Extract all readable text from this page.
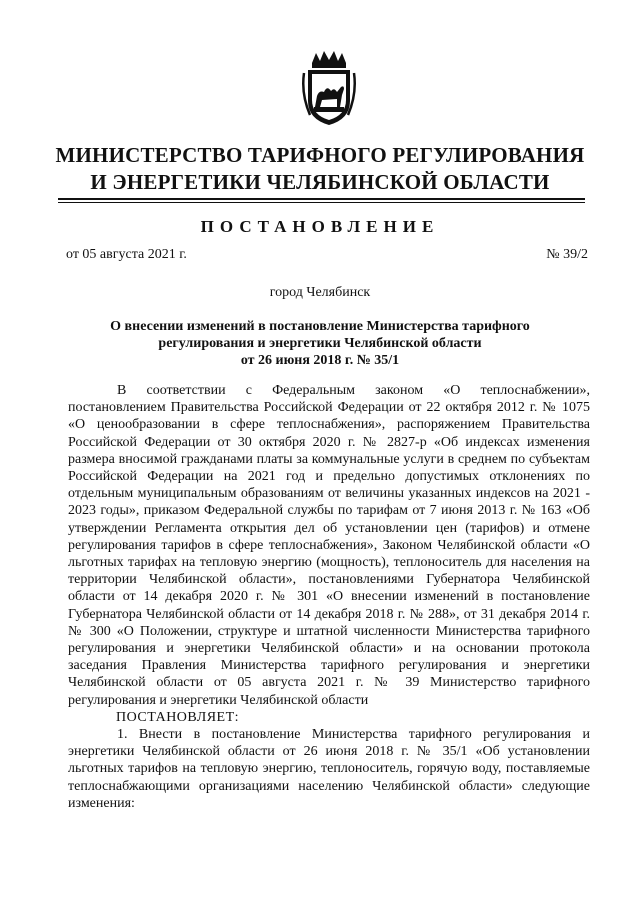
МИНИСТЕРСТВО ТАРИФНОГО РЕГУЛИРОВАНИЯ
И ЭНЕРГЕТИКИ ЧЕЛЯБИНСКОЙ ОБЛАСТИ
ПОСТАНОВЛЕНИЕ
от 05 августа 2021 г.	№ 39/2
город Челябинск
О внесении изменений в постановление Министерства тарифного
регулирования и энергетики Челябинской области
от 26 июня 2018 г. № 35/1

В соответствии с Федеральным законом «О теплоснабжении», постановлением Правительства Российской Федерации от 22 октября 2012 г. № 1075 «О ценообразовании в сфере теплоснабжения», распоряжением Правительства Российской Федерации от 30 октября 2020 г. № 2827-р «Об индексах изменения размера вносимой гражданами платы за коммунальные услуги в среднем по субъектам Российской Федерации на 2021 год и предельно допустимых отклонениях по отдельным муниципальным образованиям от величины указанных индексов на 2021 - 2023 годы», приказом Федеральной службы по тарифам от 7 июня 2013 г. № 163 «Об утверждении Регламента открытия дел об установлении цен (тарифов) и отмене регулирования тарифов в сфере теплоснабжения», Законом Челябинской области «О льготных тарифах на тепловую энергию (мощность), теплоноситель для населения на территории Челябинской области», постановлениями Губернатора Челябинской области от 14 декабря 2020 г. № 301 «О внесении изменений в постановление Губернатора Челябинской области от 14 декабря 2018 г. № 288», от 31 декабря 2014 г. № 300 «О Положении, структуре и штатной численности Министерства тарифного регулирования и энергетики Челябинской области» и на основании протокола заседания Правления Министерства тарифного регулирования и энергетики Челябинской области от 05 августа 2021 г. № 39 Министерство тарифного регулирования и энергетики Челябинской области

ПОСТАНОВЛЯЕТ:

1. Внести в постановление Министерства тарифного регулирования и энергетики Челябинской области от 26 июня 2018 г. № 35/1 «Об установлении льготных тарифов на тепловую энергию, теплоноситель, горячую воду, поставляемые теплоснабжающими организациями населению Челябинской области» следующие изменения:
